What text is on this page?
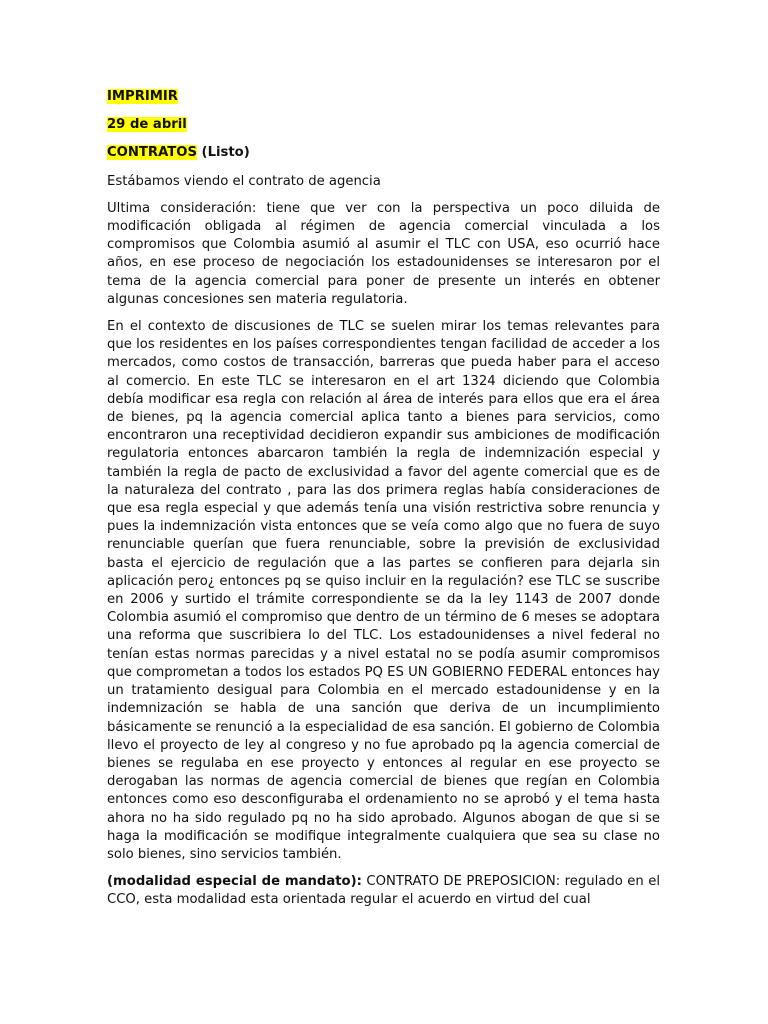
IMPRIMIR
29 de abril
CONTRATOS (Listo)

Estábamos viendo el contrato de agencia

Ultima consideración: tiene que ver con la perspectiva un poco diluida de modificación obligada al régimen de agencia comercial vinculada a los compromisos que Colombia asumió al asumir el TLC con USA, eso ocurrió hace años, en ese proceso de negociación los estadounidenses se interesaron por el tema de la agencia comercial para poner de presente un interés en obtener algunas concesiones sen materia regulatoria.

En el contexto de discusiones de TLC se suelen mirar los temas relevantes para que los residentes en los países correspondientes tengan facilidad de acceder a los mercados, como costos de transacción, barreras que pueda haber para el acceso al comercio. En este TLC se interesaron en el art 1324 diciendo que Colombia debía modificar esa regla con relación al área de interés para ellos que era el área de bienes, pq la agencia comercial aplica tanto a bienes para servicios, como encontraron una receptividad decidieron expandir sus ambiciones de modificación regulatoria entonces abarcaron también la regla de indemnización especial y también la regla de pacto de exclusividad a favor del agente comercial que es de la naturaleza del contrato , para las dos primera reglas había consideraciones de que esa regla especial y que además tenía una visión restrictiva sobre renuncia y pues la indemnización vista entonces que se veía como algo que no fuera de suyo renunciable querían que fuera renunciable, sobre la previsión de exclusividad basta el ejercicio de regulación que a las partes se confieren para dejarla sin aplicación pero¿ entonces pq se quiso incluir en la regulación? ese TLC se suscribe en 2006 y surtido el trámite correspondiente se da la ley 1143 de 2007 donde Colombia asumió el compromiso que dentro de un término de 6 meses se adoptara una reforma que suscribiera lo del TLC. Los estadounidenses a nivel federal no tenían estas normas parecidas y a nivel estatal no se podía asumir compromisos que comprometan a todos los estados PQ ES UN GOBIERNO FEDERAL entonces hay un tratamiento desigual para Colombia en el mercado estadounidense y en la indemnización se habla de una sanción que deriva de un incumplimiento básicamente se renunció a la especialidad de esa sanción. El gobierno de Colombia llevo el proyecto de ley al congreso y no fue aprobado pq la agencia comercial de bienes se regulaba en ese proyecto y entonces al regular en ese proyecto se derogaban las normas de agencia comercial de bienes que regían en Colombia entonces como eso desconfiguraba el ordenamiento no se aprobó y el tema hasta ahora no ha sido regulado pq no ha sido aprobado. Algunos abogan de que si se haga la modificación se modifique integralmente cualquiera que sea su clase no solo bienes, sino servicios también.

(modalidad especial de mandato): CONTRATO DE PREPOSICION: regulado en el CCO, esta modalidad esta orientada regular el acuerdo en virtud del cual
